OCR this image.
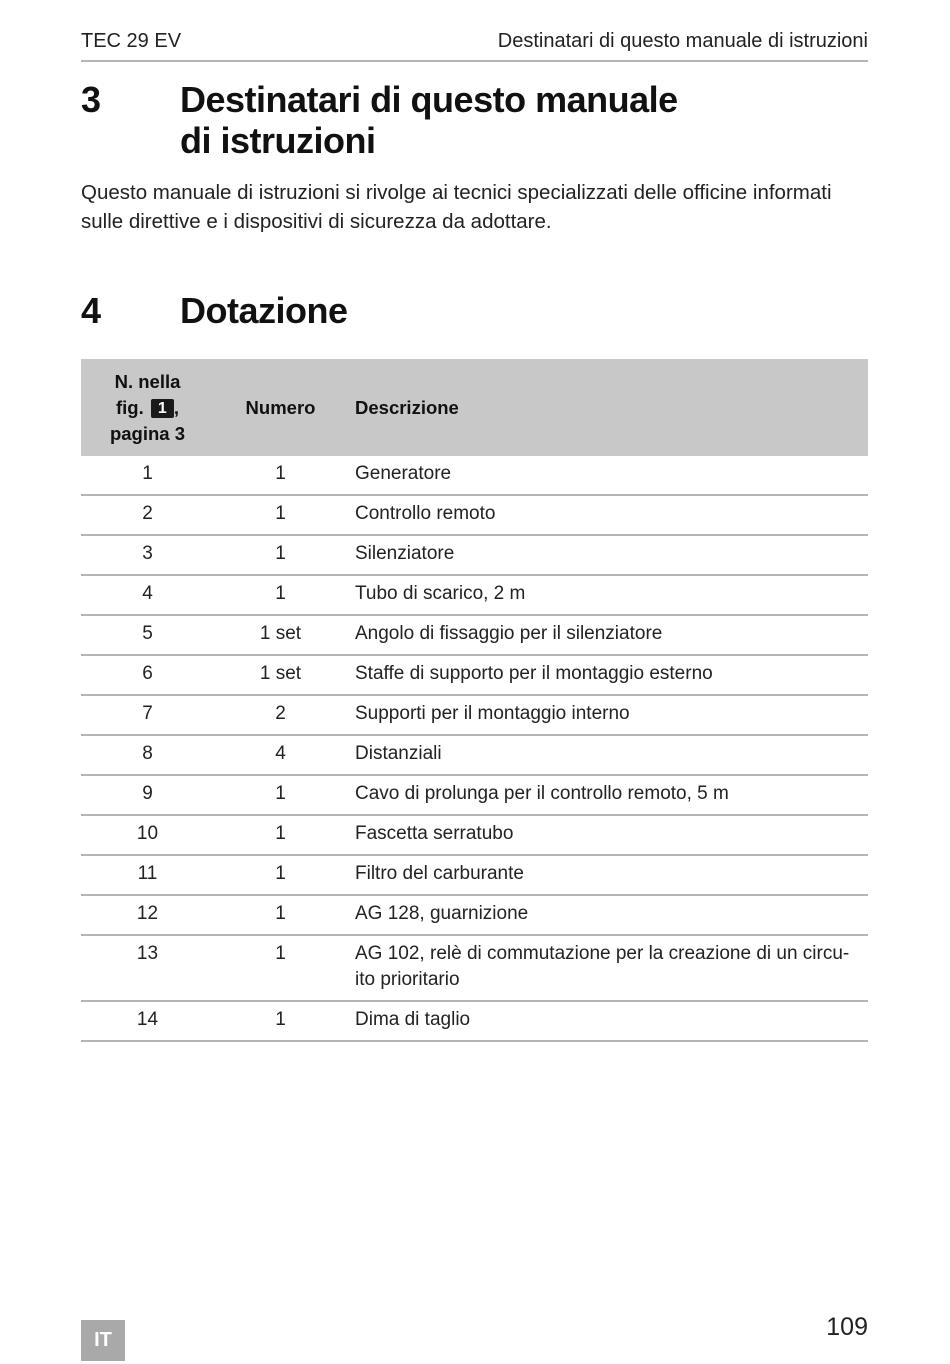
TEC 29 EV	Destinatari di questo manuale di istruzioni
3	Destinatari di questo manuale
di istruzioni

Questo manuale di istruzioni si rivolge ai tecnici specializzati delle officine informati sulle direttive e i dispositivi di sicurezza da adottare.

4	Dotazione
N. nella
fig. 1 ,
pagina 3
Numero	Descrizione
1	1	Generatore
2	1	Controllo remoto
3	1	Silenziatore
4	1	Tubo di scarico, 2 m
5	1 set	Angolo di fissaggio per il silenziatore
6	1 set	Staffe di supporto per il montaggio esterno
7	2	Supporti per il montaggio interno
8	4	Distanziali
9	1	Cavo di prolunga per il controllo remoto, 5 m
10	1	Fascetta serratubo
11	1	Filtro del carburante
12	1	AG 128, guarnizione
13	1	AG 102, relè di commutazione per la creazione di un circu-ito prioritario
14	1	Dima di taglio
IT	109
